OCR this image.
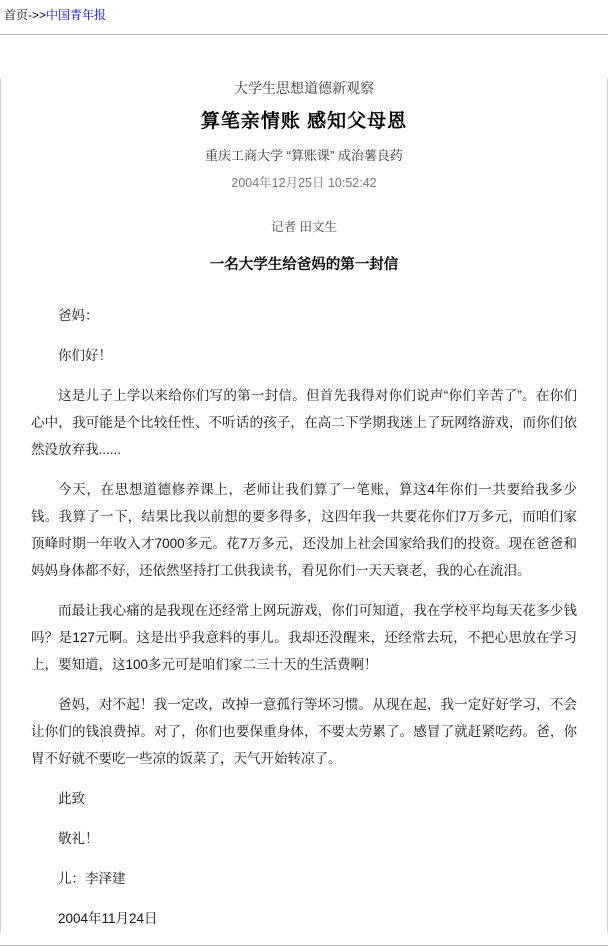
首页->>中国青年报
大学生思想道德新观察
算笔亲情账 感知父母恩
重庆工商大学 “算账课” 成治薯良药
2004年12月25日 10:52:42
记者 田文生
一名大学生给爸妈的第一封信

爸妈：

你们好！

这是儿子上学以来给你们写的第一封信。但首先我得对你们说声“你们辛苦了”。在你们心中，我可能是个比较任性、不听话的孩子，在高二下学期我迷上了玩网络游戏，而你们依然没放弃我......

今天，在思想道德修养课上，老师让我们算了一笔账，算这4年你们一共要给我多少钱。我算了一下，结果比我以前想的要多得多，这四年我一共要花你们7万多元，而咱们家顶峰时期一年收入才7000多元。花7万多元，还没加上社会国家给我们的投资。现在爸爸和妈妈身体都不好，还依然坚持打工供我读书，看见你们一天天衰老，我的心在流泪。

而最让我心痛的是我现在还经常上网玩游戏，你们可知道，我在学校平均每天花多少钱吗？是127元啊。这是出乎我意料的事儿。我却还没醒来，还经常去玩，不把心思放在学习上，要知道，这100多元可是咱们家二三十天的生活费啊！

爸妈，对不起！我一定改，改掉一意孤行等坏习惯。从现在起，我一定好好学习，不会让你们的钱浪费掉。对了，你们也要保重身体，不要太劳累了。感冒了就赶紧吃药。爸，你胃不好就不要吃一些凉的饭菜了，天气开始转凉了。

此致

敬礼！

儿：李泽建

2004年11月24日
